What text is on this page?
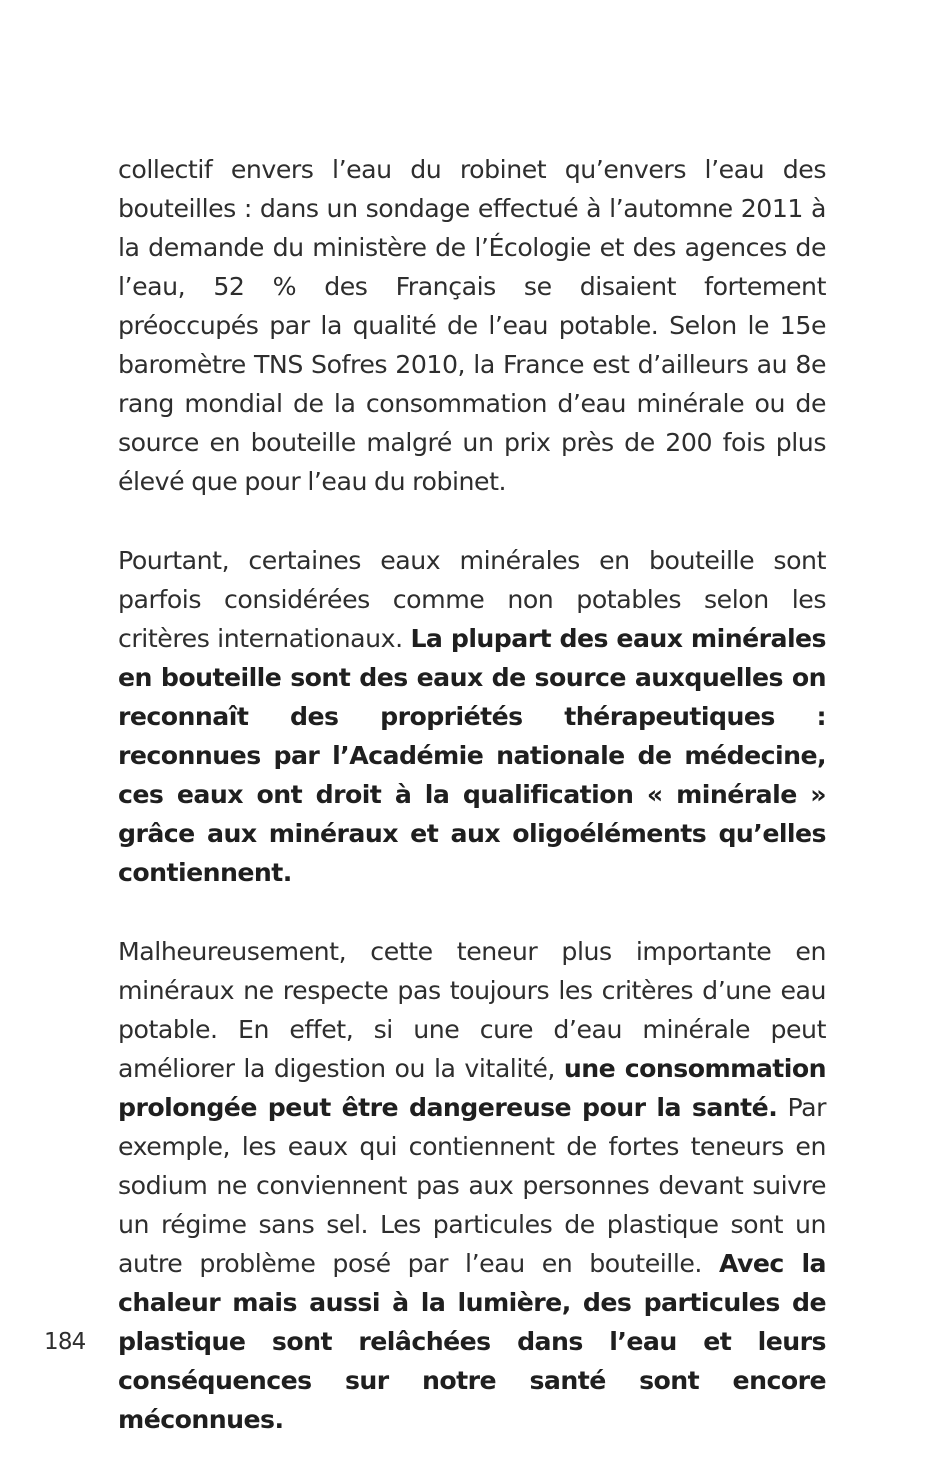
collectif envers l’eau du robinet qu’envers l’eau des bouteilles : dans un sondage effectué à l’automne 2011 à la demande du ministère de l’Écologie et des agences de l’eau, 52 % des Français se disaient fortement préoccupés par la qualité de l’eau potable. Selon le 15e baromètre TNS Sofres 2010, la France est d’ailleurs au 8e rang mondial de la consommation d’eau minérale ou de source en bouteille malgré un prix près de 200 fois plus élevé que pour l’eau du robinet.

Pourtant, certaines eaux minérales en bouteille sont parfois considérées comme non potables selon les critères internationaux. La plupart des eaux minérales en bouteille sont des eaux de source auxquelles on reconnaît des propriétés thérapeutiques : reconnues par l’Académie nationale de médecine, ces eaux ont droit à la qualification « minérale » grâce aux minéraux et aux oligoéléments qu’elles contiennent.

Malheureusement, cette teneur plus importante en minéraux ne respecte pas toujours les critères d’une eau potable. En effet, si une cure d’eau minérale peut améliorer la digestion ou la vitalité, une consommation prolongée peut être dangereuse pour la santé. Par exemple, les eaux qui contiennent de fortes teneurs en sodium ne conviennent pas aux personnes devant suivre un régime sans sel. Les particules de plastique sont un autre problème posé par l’eau en bouteille. Avec la chaleur mais aussi à la lumière, des particules de plastique sont relâchées dans l’eau et leurs conséquences sur notre santé sont encore méconnues.

184
